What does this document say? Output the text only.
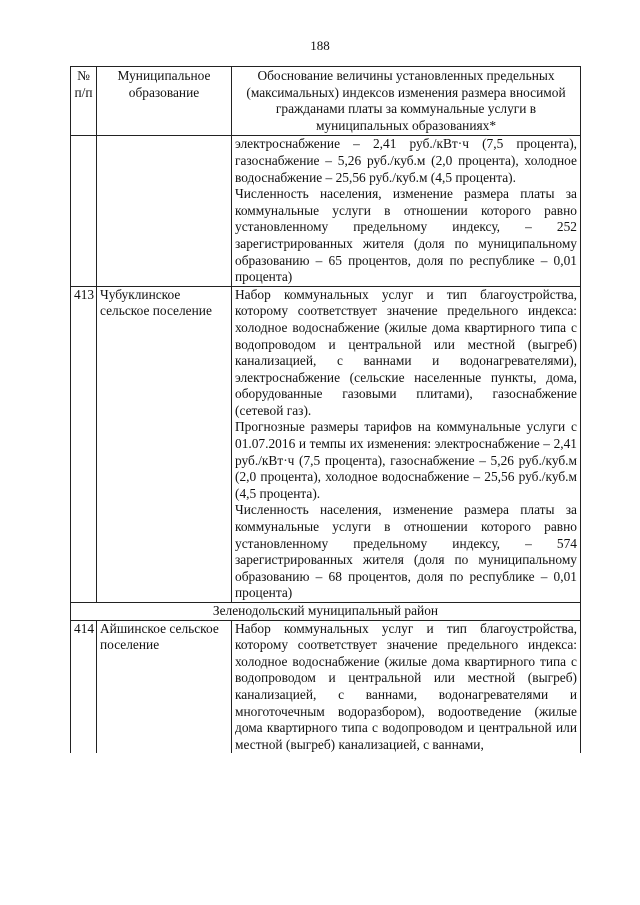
188
№ п/п	Муниципальное образование	Обоснование величины установленных предельных (максимальных) индексов изменения размера вносимой гражданами платы за коммунальные услуги в муниципальных образованиях*

		электроснабжение – 2,41 руб./кВт·ч (7,5 процента), газоснабжение – 5,26 руб./куб.м (2,0 процента), холодное водоснабжение – 25,56 руб./куб.м (4,5 процента).

Численность населения, изменение размера платы за коммунальные услуги в отношении которого равно установленному предельному индексу, – 252 зарегистрированных жителя (доля по муниципальному образованию – 65 процентов, доля по республике – 0,01 процента)

413	Чубуклинское сельское поселение	Набор коммунальных услуг и тип благоустройства, которому соответствует значение предельного индекса: холодное водоснабжение (жилые дома квартирного типа с водопроводом и центральной или местной (выгреб) канализацией, с ваннами и водонагревателями), электроснабжение (сельские населенные пункты, дома, оборудованные газовыми плитами), газоснабжение (сетевой газ).

Прогнозные размеры тарифов на коммунальные услуги с 01.07.2016 и темпы их изменения: электроснабжение – 2,41 руб./кВт·ч (7,5 процента), газоснабжение – 5,26 руб./куб.м (2,0 процента), холодное водоснабжение – 25,56 руб./куб.м (4,5 процента).

Численность населения, изменение размера платы за коммунальные услуги в отношении которого равно установленному предельному индексу, – 574 зарегистрированных жителя (доля по муниципальному образованию – 68 процентов, доля по республике – 0,01 процента)

Зеленодольский муниципальный район		
414	Айшинское сельское поселение	Набор коммунальных услуг и тип благоустройства, которому соответствует значение предельного индекса: холодное водоснабжение (жилые дома квартирного типа с водопроводом и центральной или местной (выгреб) канализацией, с ваннами, водонагревателями и многоточечным водоразбором), водоотведение (жилые дома квартирного типа с водопроводом и центральной или местной (выгреб) канализацией, с ваннами,
